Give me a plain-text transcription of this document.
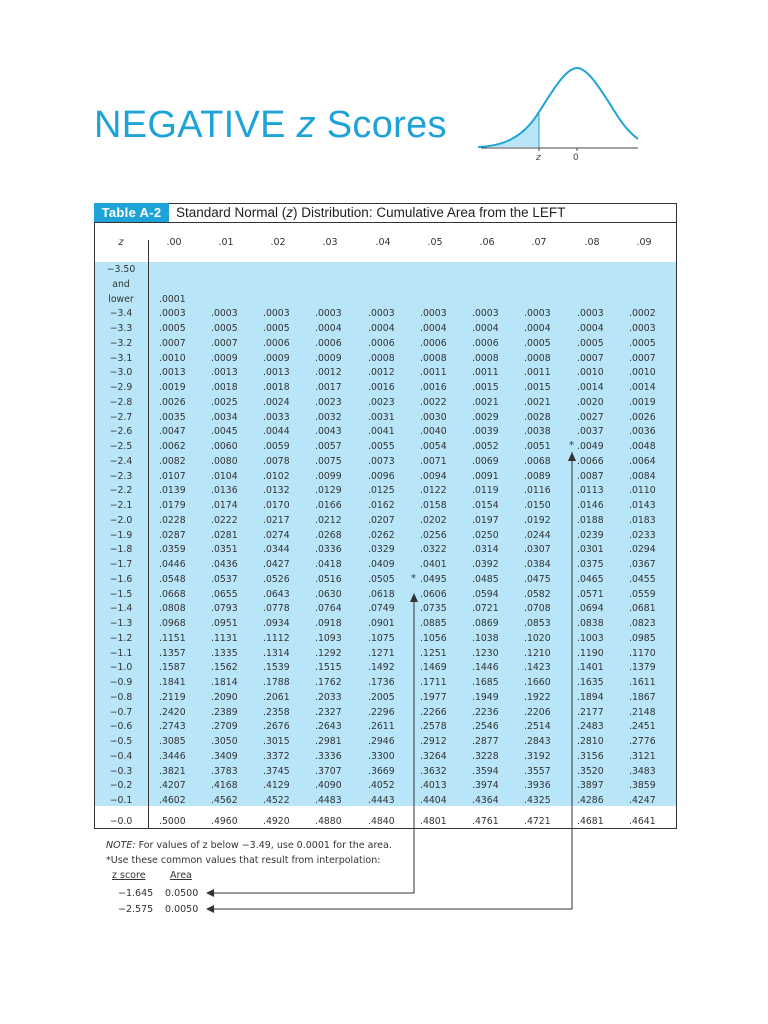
NEGATIVE z Scores
z	0
Table A-2	Standard Normal (z) Distribution: Cumulative Area from the LEFT
z	.00	.01	.02	.03	.04	.05	.06	.07	.08	.09
−3.50
and
lower	.0001
−3.4	.0003	.0003	.0003	.0003	.0003	.0003	.0003	.0003	.0003	.0002
−3.3	.0005	.0005	.0005	.0004	.0004	.0004	.0004	.0004	.0004	.0003
−3.2	.0007	.0007	.0006	.0006	.0006	.0006	.0006	.0005	.0005	.0005
−3.1	.0010	.0009	.0009	.0009	.0008	.0008	.0008	.0008	.0007	.0007
−3.0	.0013	.0013	.0013	.0012	.0012	.0011	.0011	.0011	.0010	.0010
−2.9	.0019	.0018	.0018	.0017	.0016	.0016	.0015	.0015	.0014	.0014
−2.8	.0026	.0025	.0024	.0023	.0023	.0022	.0021	.0021	.0020	.0019
−2.7	.0035	.0034	.0033	.0032	.0031	.0030	.0029	.0028	.0027	.0026
−2.6	.0047	.0045	.0044	.0043	.0041	.0040	.0039	.0038	.0037	.0036
−2.5	.0062	.0060	.0059	.0057	.0055	.0054	.0052	.0051	.0049	.0048
−2.4	.0082	.0080	.0078	.0075	.0073	.0071	.0069	.0068	.0066	.0064
−2.3	.0107	.0104	.0102	.0099	.0096	.0094	.0091	.0089	.0087	.0084
−2.2	.0139	.0136	.0132	.0129	.0125	.0122	.0119	.0116	.0113	.0110
−2.1	.0179	.0174	.0170	.0166	.0162	.0158	.0154	.0150	.0146	.0143
−2.0	.0228	.0222	.0217	.0212	.0207	.0202	.0197	.0192	.0188	.0183
−1.9	.0287	.0281	.0274	.0268	.0262	.0256	.0250	.0244	.0239	.0233
−1.8	.0359	.0351	.0344	.0336	.0329	.0322	.0314	.0307	.0301	.0294
−1.7	.0446	.0436	.0427	.0418	.0409	.0401	.0392	.0384	.0375	.0367
−1.6	.0548	.0537	.0526	.0516	.0505	.0495	.0485	.0475	.0465	.0455
−1.5	.0668	.0655	.0643	.0630	.0618	.0606	.0594	.0582	.0571	.0559
−1.4	.0808	.0793	.0778	.0764	.0749	.0735	.0721	.0708	.0694	.0681
−1.3	.0968	.0951	.0934	.0918	.0901	.0885	.0869	.0853	.0838	.0823
−1.2	.1151	.1131	.1112	.1093	.1075	.1056	.1038	.1020	.1003	.0985
−1.1	.1357	.1335	.1314	.1292	.1271	.1251	.1230	.1210	.1190	.1170
−1.0	.1587	.1562	.1539	.1515	.1492	.1469	.1446	.1423	.1401	.1379
−0.9	.1841	.1814	.1788	.1762	.1736	.1711	.1685	.1660	.1635	.1611
−0.8	.2119	.2090	.2061	.2033	.2005	.1977	.1949	.1922	.1894	.1867
−0.7	.2420	.2389	.2358	.2327	.2296	.2266	.2236	.2206	.2177	.2148
−0.6	.2743	.2709	.2676	.2643	.2611	.2578	.2546	.2514	.2483	.2451
−0.5	.3085	.3050	.3015	.2981	.2946	.2912	.2877	.2843	.2810	.2776
−0.4	.3446	.3409	.3372	.3336	.3300	.3264	.3228	.3192	.3156	.3121
−0.3	.3821	.3783	.3745	.3707	.3669	.3632	.3594	.3557	.3520	.3483
−0.2	.4207	.4168	.4129	.4090	.4052	.4013	.3974	.3936	.3897	.3859
−0.1	.4602	.4562	.4522	.4483	.4443	.4404	.4364	.4325	.4286	.4247
−0.0	.5000	.4960	.4920	.4880	.4840	.4801	.4761	.4721	.4681	.4641
*
*
NOTE: For values of z below −3.49, use 0.0001 for the area.
*Use these common values that result from interpolation:
z score	Area
−1.645 0.0500
−2.575 0.0050
